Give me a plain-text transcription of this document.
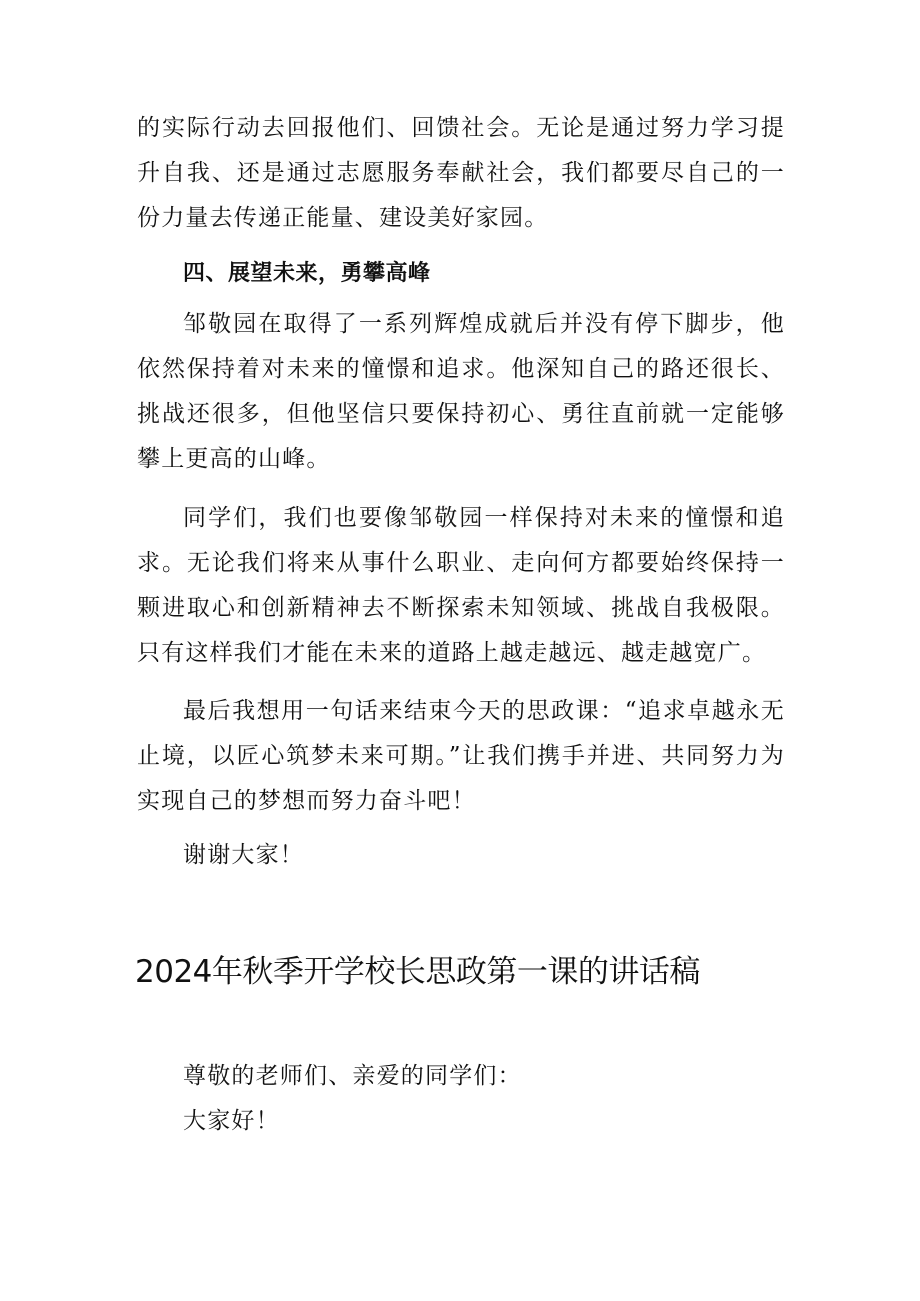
的实际行动去回报他们、回馈社会。无论是通过努力学习提升自我、还是通过志愿服务奉献社会，我们都要尽自己的一份力量去传递正能量、建设美好家园。

四、展望未来，勇攀高峰

邹敬园在取得了一系列辉煌成就后并没有停下脚步，他依然保持着对未来的憧憬和追求。他深知自己的路还很长、挑战还很多，但他坚信只要保持初心、勇往直前就一定能够攀上更高的山峰。

同学们，我们也要像邹敬园一样保持对未来的憧憬和追求。无论我们将来从事什么职业、走向何方都要始终保持一颗进取心和创新精神去不断探索未知领域、挑战自我极限。只有这样我们才能在未来的道路上越走越远、越走越宽广。

最后我想用一句话来结束今天的思政课：“追求卓越永无止境，以匠心筑梦未来可期。”让我们携手并进、共同努力为实现自己的梦想而努力奋斗吧！

谢谢大家！

2024年秋季开学校长思政第一课的讲话稿

尊敬的老师们、亲爱的同学们：

大家好！
